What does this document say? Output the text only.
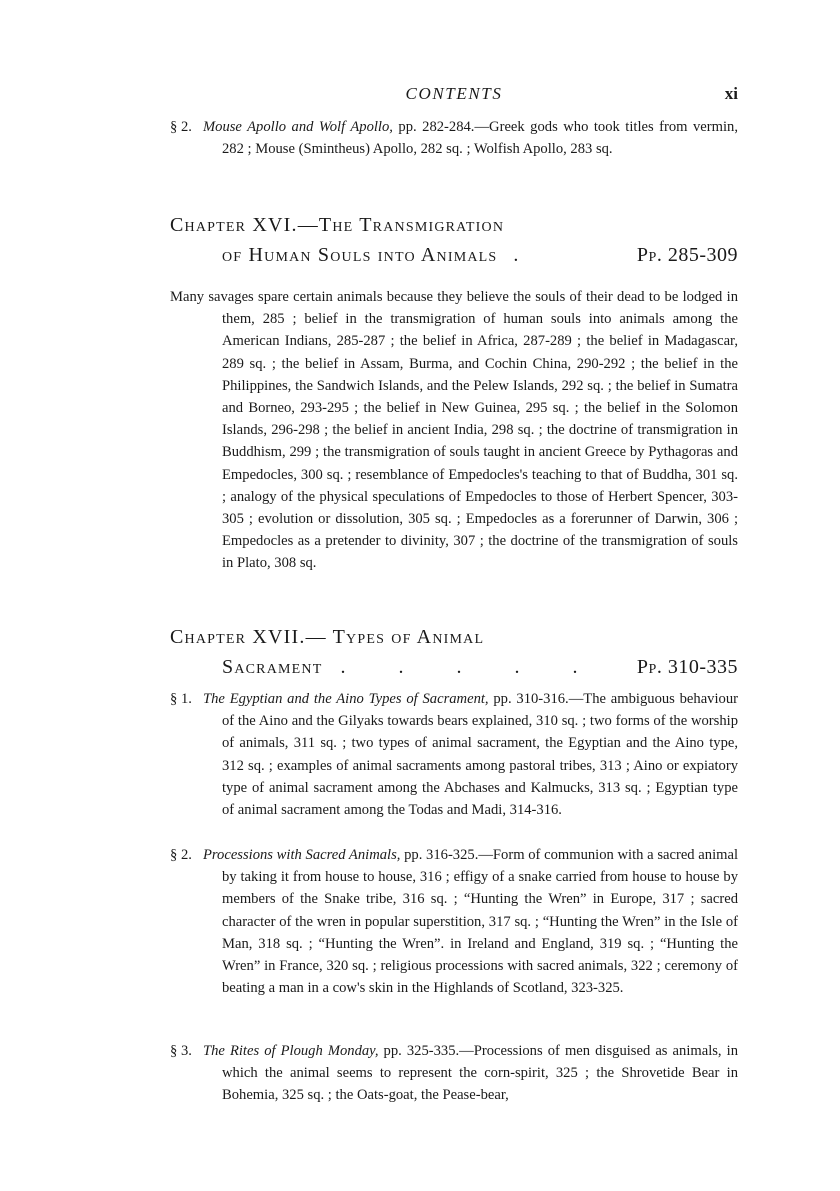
CONTENTS	xi
§ 2. Mouse Apollo and Wolf Apollo, pp. 282-284.—Greek gods who took titles from vermin, 282 ; Mouse (Smintheus) Apollo, 282 sq. ; Wolfish Apollo, 283 sq.
Chapter XVI.—The Transmigration
of Human Souls into Animals .	Pp. 285-309
Many savages spare certain animals because they believe the souls of their dead to be lodged in them, 285 ; belief in the transmigration of human souls into animals among the American Indians, 285-287 ; the belief in Africa, 287-289 ; the belief in Madagascar, 289 sq. ; the belief in Assam, Burma, and Cochin China, 290-292 ; the belief in the Philippines, the Sandwich Islands, and the Pelew Islands, 292 sq. ; the belief in Sumatra and Borneo, 293-295 ; the belief in New Guinea, 295 sq. ; the belief in the Solomon Islands, 296-298 ; the belief in ancient India, 298 sq. ; the doctrine of transmigration in Buddhism, 299 ; the transmigration of souls taught in ancient Greece by Pythagoras and Empedocles, 300 sq. ; resemblance of Empedocles's teaching to that of Buddha, 301 sq. ; analogy of the physical speculations of Empedocles to those of Herbert Spencer, 303-305 ; evolution or dissolution, 305 sq. ; Empedocles as a forerunner of Darwin, 306 ; Empedocles as a pretender to divinity, 307 ; the doctrine of the transmigration of souls in Plato, 308 sq.
Chapter XVII.— Types of Animal
Sacrament . . . . . Pp. 310-335
§ 1. The Egyptian and the Aino Types of Sacrament, pp. 310-316.—The ambiguous behaviour of the Aino and the Gilyaks towards bears explained, 310 sq. ; two forms of the worship of animals, 311 sq. ; two types of animal sacrament, the Egyptian and the Aino type, 312 sq. ; examples of animal sacraments among pastoral tribes, 313 ; Aino or expiatory type of animal sacrament among the Abchases and Kalmucks, 313 sq. ; Egyptian type of animal sacrament among the Todas and Madi, 314-316.
§ 2. Processions with Sacred Animals, pp. 316-325.—Form of communion with a sacred animal by taking it from house to house, 316 ; effigy of a snake carried from house to house by members of the Snake tribe, 316 sq. ; “Hunting the Wren” in Europe, 317 ; sacred character of the wren in popular superstition, 317 sq. ; “Hunting the Wren” in the Isle of Man, 318 sq. ; “Hunting the Wren”. in Ireland and England, 319 sq. ; “Hunting the Wren” in France, 320 sq. ; religious processions with sacred animals, 322 ; ceremony of beating a man in a cow's skin in the Highlands of Scotland, 323-325.
§ 3. The Rites of Plough Monday, pp. 325-335.—Processions of men disguised as animals, in which the animal seems to represent the corn-spirit, 325 ; the Shrovetide Bear in Bohemia, 325 sq. ; the Oats-goat, the Pease-bear,
